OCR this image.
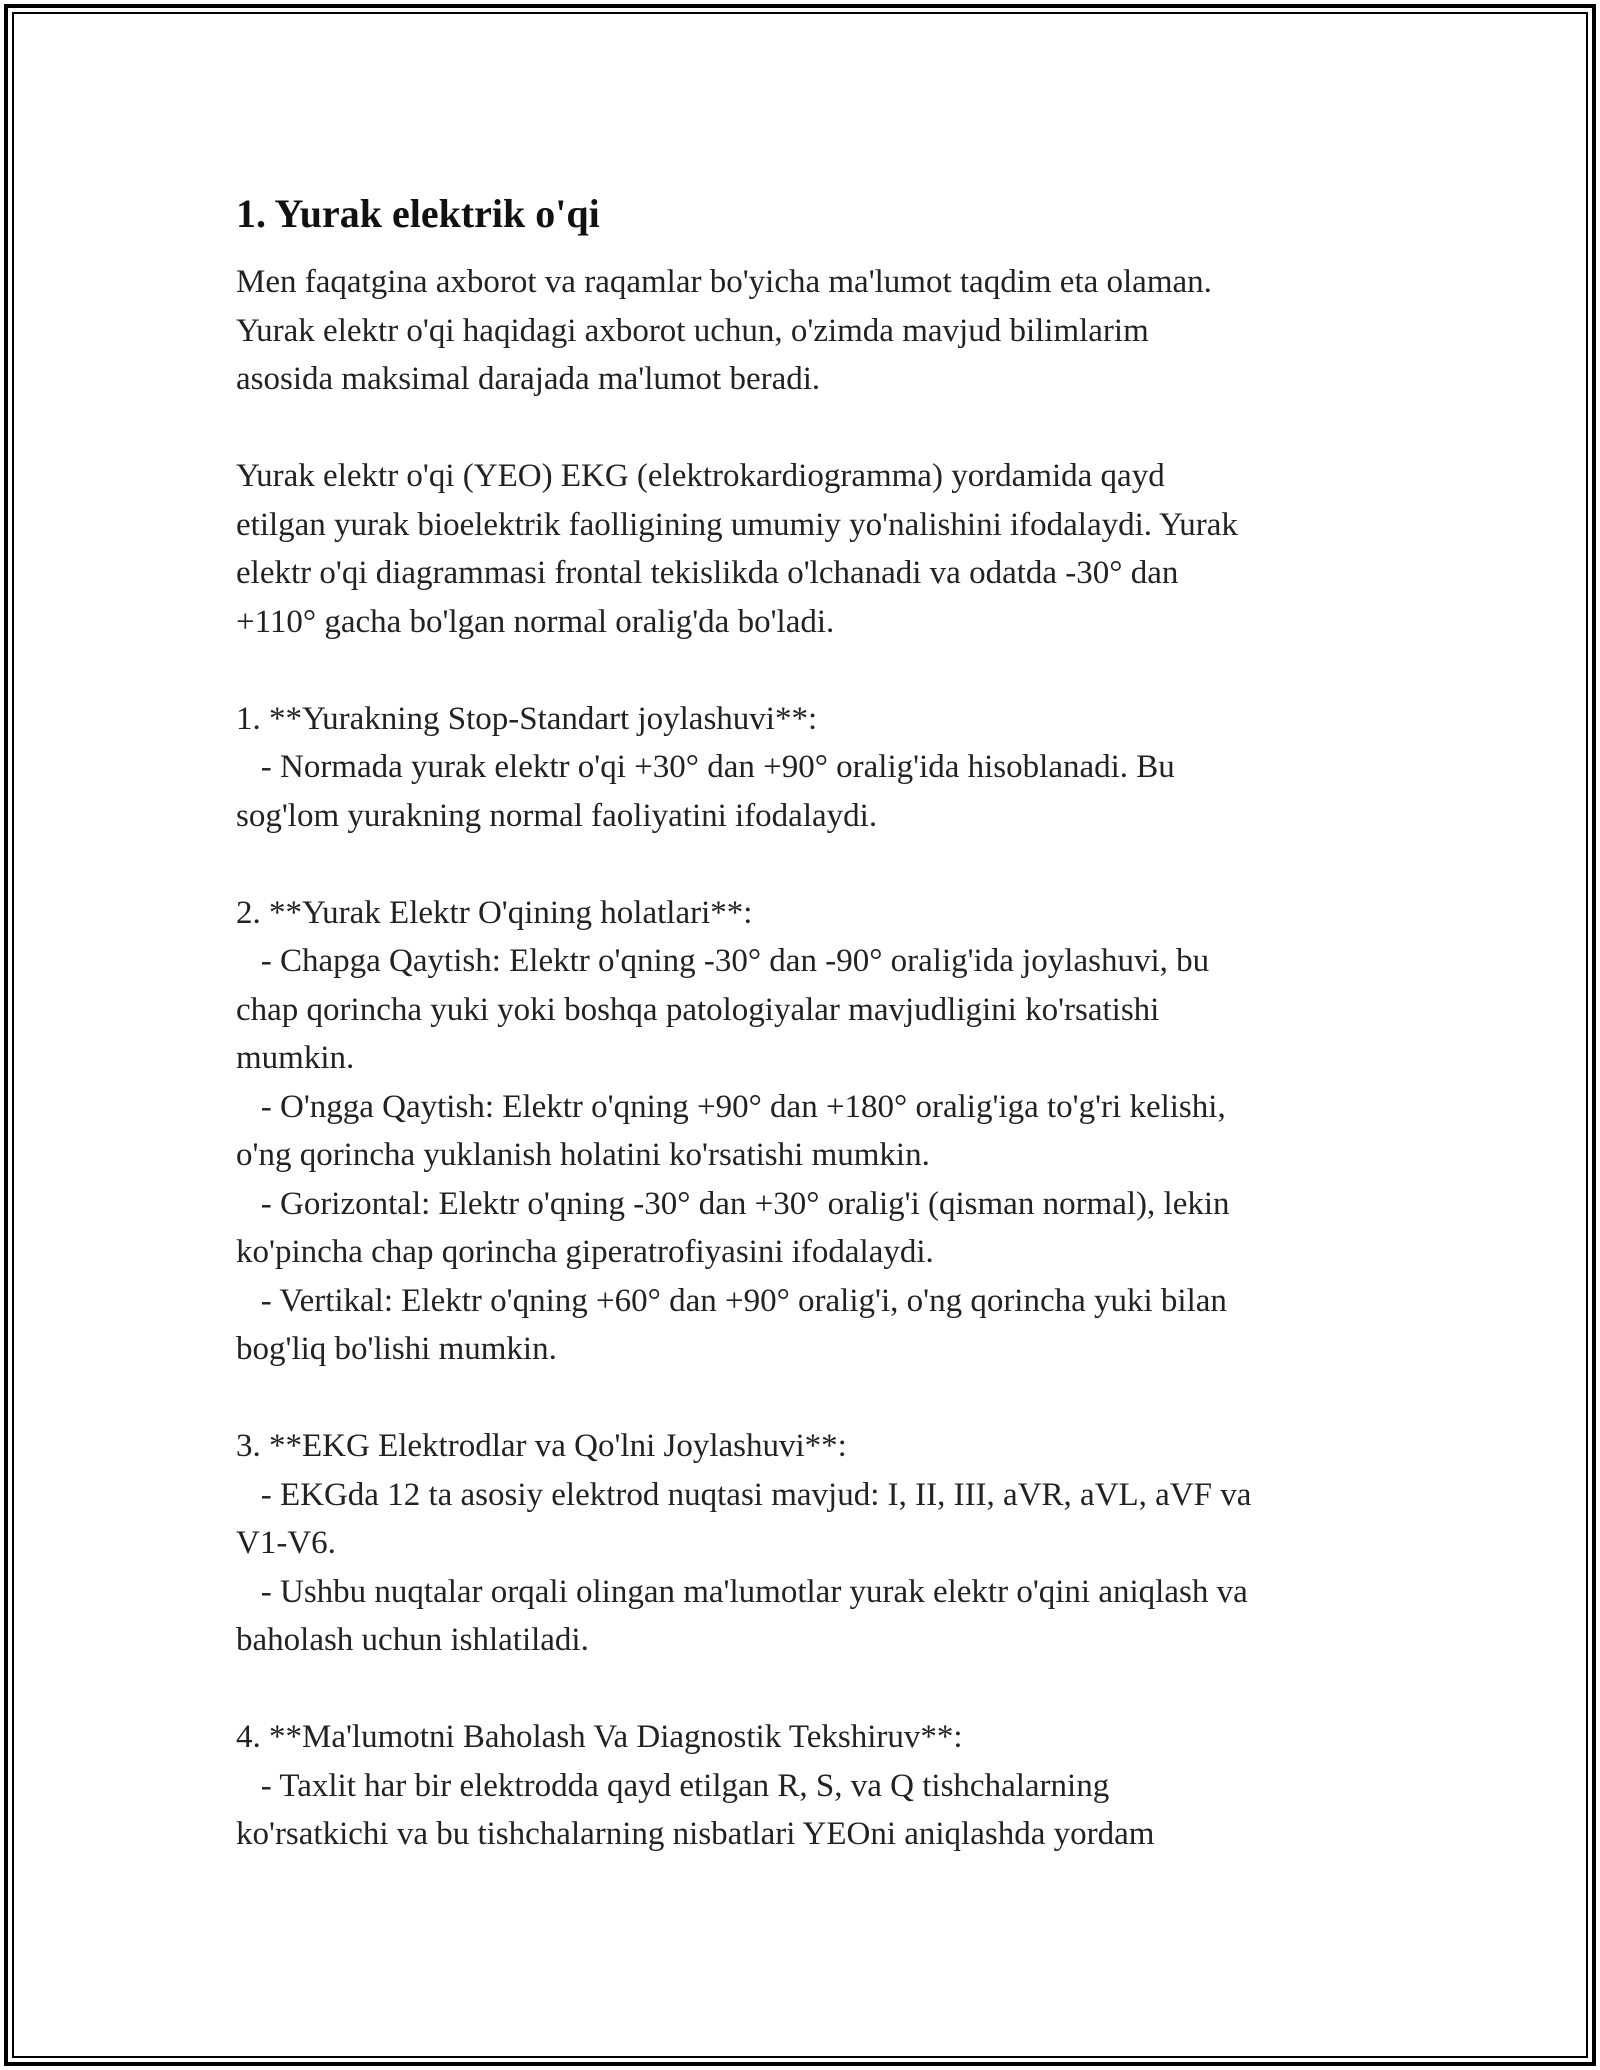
1. Yurak elektrik o'qi

Men faqatgina axborot va raqamlar bo'yicha ma'lumot taqdim eta olaman.
Yurak elektr o'qi haqidagi axborot uchun, o'zimda mavjud bilimlarim
asosida maksimal darajada ma'lumot beradi.

Yurak elektr o'qi (YEO) EKG (elektrokardiogramma) yordamida qayd
etilgan yurak bioelektrik faolligining umumiy yo'nalishini ifodalaydi. Yurak
elektr o'qi diagrammasi frontal tekislikda o'lchanadi va odatda -30° dan
+110° gacha bo'lgan normal oralig'da bo'ladi.

1. **Yurakning Stop-Standart joylashuvi**:
- Normada yurak elektr o'qi +30° dan +90° oralig'ida hisoblanadi. Bu
sog'lom yurakning normal faoliyatini ifodalaydi.

2. **Yurak Elektr O'qining holatlari**:
- Chapga Qaytish: Elektr o'qning -30° dan -90° oralig'ida joylashuvi, bu
chap qorincha yuki yoki boshqa patologiyalar mavjudligini ko'rsatishi
mumkin.
- O'ngga Qaytish: Elektr o'qning +90° dan +180° oralig'iga to'g'ri kelishi,
o'ng qorincha yuklanish holatini ko'rsatishi mumkin.
- Gorizontal: Elektr o'qning -30° dan +30° oralig'i (qisman normal), lekin
ko'pincha chap qorincha giperatrofiyasini ifodalaydi.
- Vertikal: Elektr o'qning +60° dan +90° oralig'i, o'ng qorincha yuki bilan
bog'liq bo'lishi mumkin.

3. **EKG Elektrodlar va Qo'lni Joylashuvi**:
- EKGda 12 ta asosiy elektrod nuqtasi mavjud: I, II, III, aVR, aVL, aVF va
V1-V6.
- Ushbu nuqtalar orqali olingan ma'lumotlar yurak elektr o'qini aniqlash va
baholash uchun ishlatiladi.

4. **Ma'lumotni Baholash Va Diagnostik Tekshiruv**:
- Taxlit har bir elektrodda qayd etilgan R, S, va Q tishchalarning
ko'rsatkichi va bu tishchalarning nisbatlari YEOni aniqlashda yordam
